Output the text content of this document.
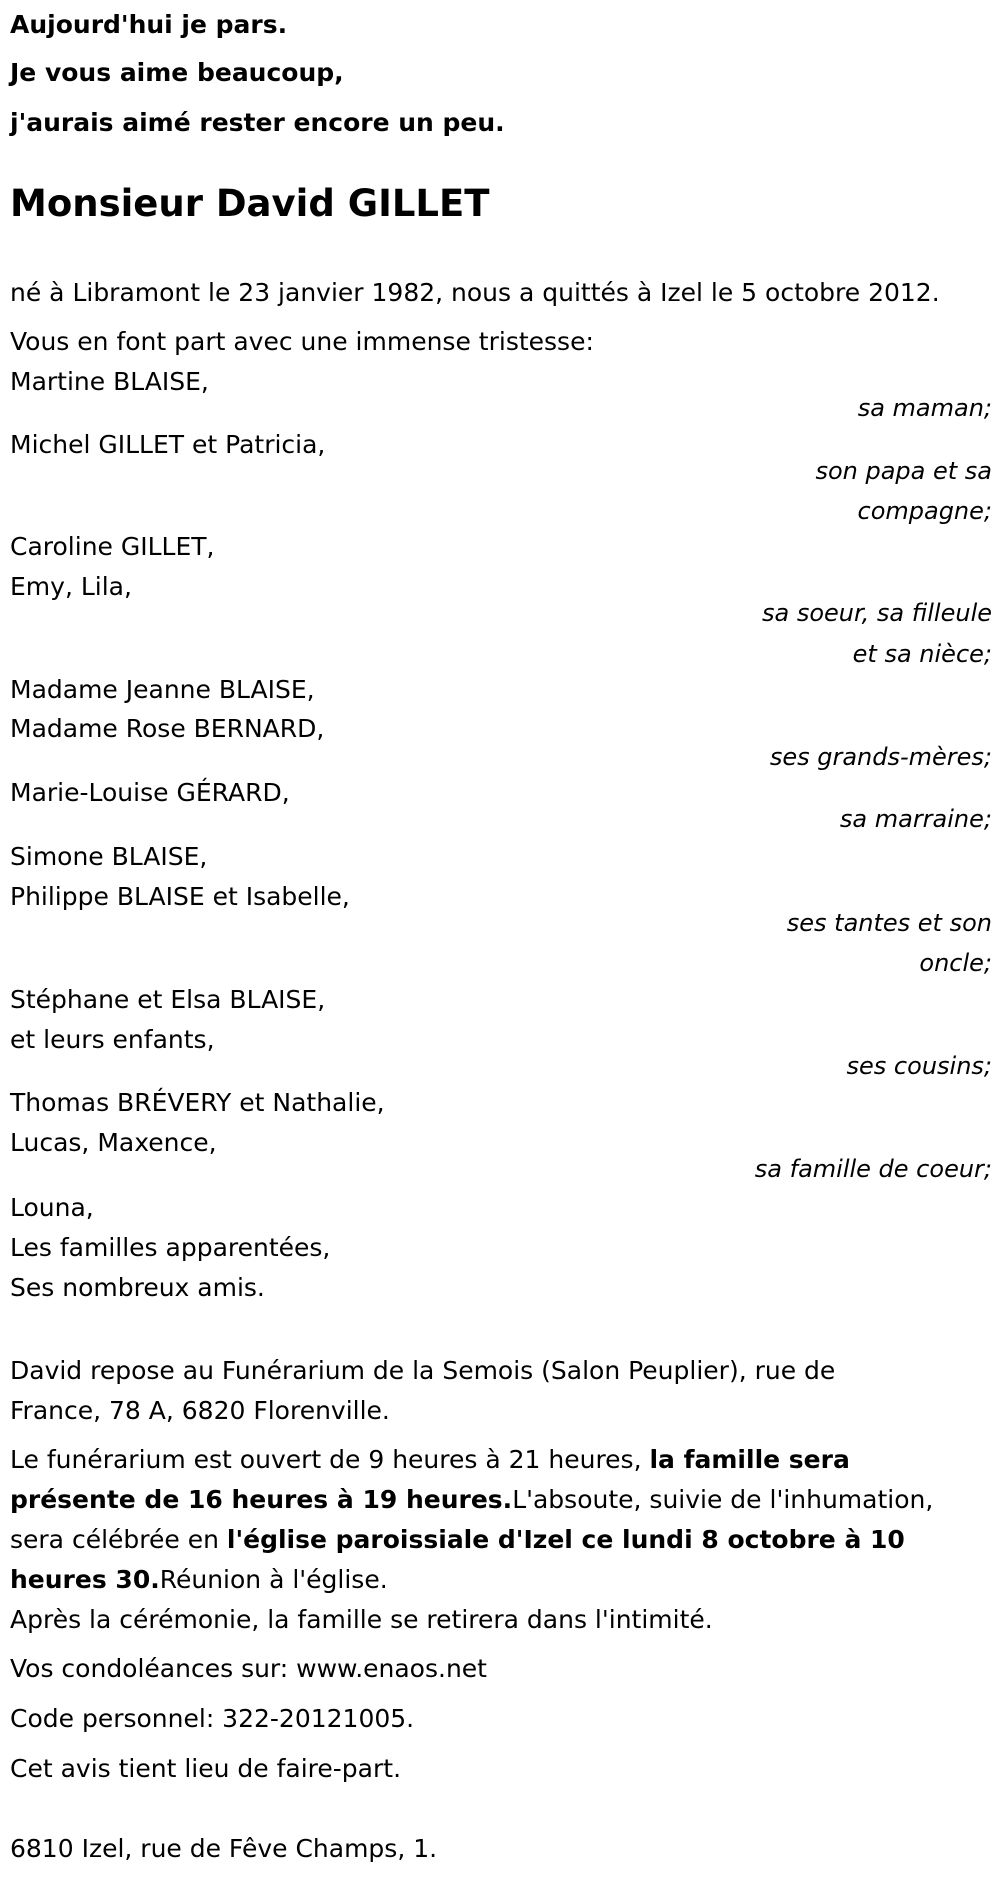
Aujourd'hui je pars.

Je vous aime beaucoup,

j'aurais aimé rester encore un peu.

Monsieur David GILLET

né à Libramont le 23 janvier 1982, nous a quittés à Izel le 5 octobre 2012.

Vous en font part avec une immense tristesse:

Martine BLAISE,

sa maman;

Michel GILLET et Patricia,

son papa et sa

compagne;

Caroline GILLET,

Emy, Lila,

sa soeur, sa filleule

et sa nièce;

Madame Jeanne BLAISE,

Madame Rose BERNARD,

ses grands-mères;

Marie-Louise GÉRARD,

sa marraine;

Simone BLAISE,

Philippe BLAISE et Isabelle,

ses tantes et son

oncle;

Stéphane et Elsa BLAISE,

et leurs enfants,

ses cousins;

Thomas BRÉVERY et Nathalie,

Lucas, Maxence,

sa famille de coeur;

Louna,

Les familles apparentées,

Ses nombreux amis.

David repose au Funérarium de la Semois (Salon Peuplier), rue de

France, 78 A, 6820 Florenville.

Le funérarium est ouvert de 9 heures à 21 heures, la famille sera
présente de 16 heures à 19 heures.L'absoute, suivie de l'inhumation,
sera célébrée en l'église paroissiale d'Izel ce lundi 8 octobre à 10
heures 30.Réunion à l'église.

Après la cérémonie, la famille se retirera dans l'intimité.

Vos condoléances sur: www.enaos.net

Code personnel: 322-20121005.

Cet avis tient lieu de faire-part.

6810 Izel, rue de Fêve Champs, 1.
